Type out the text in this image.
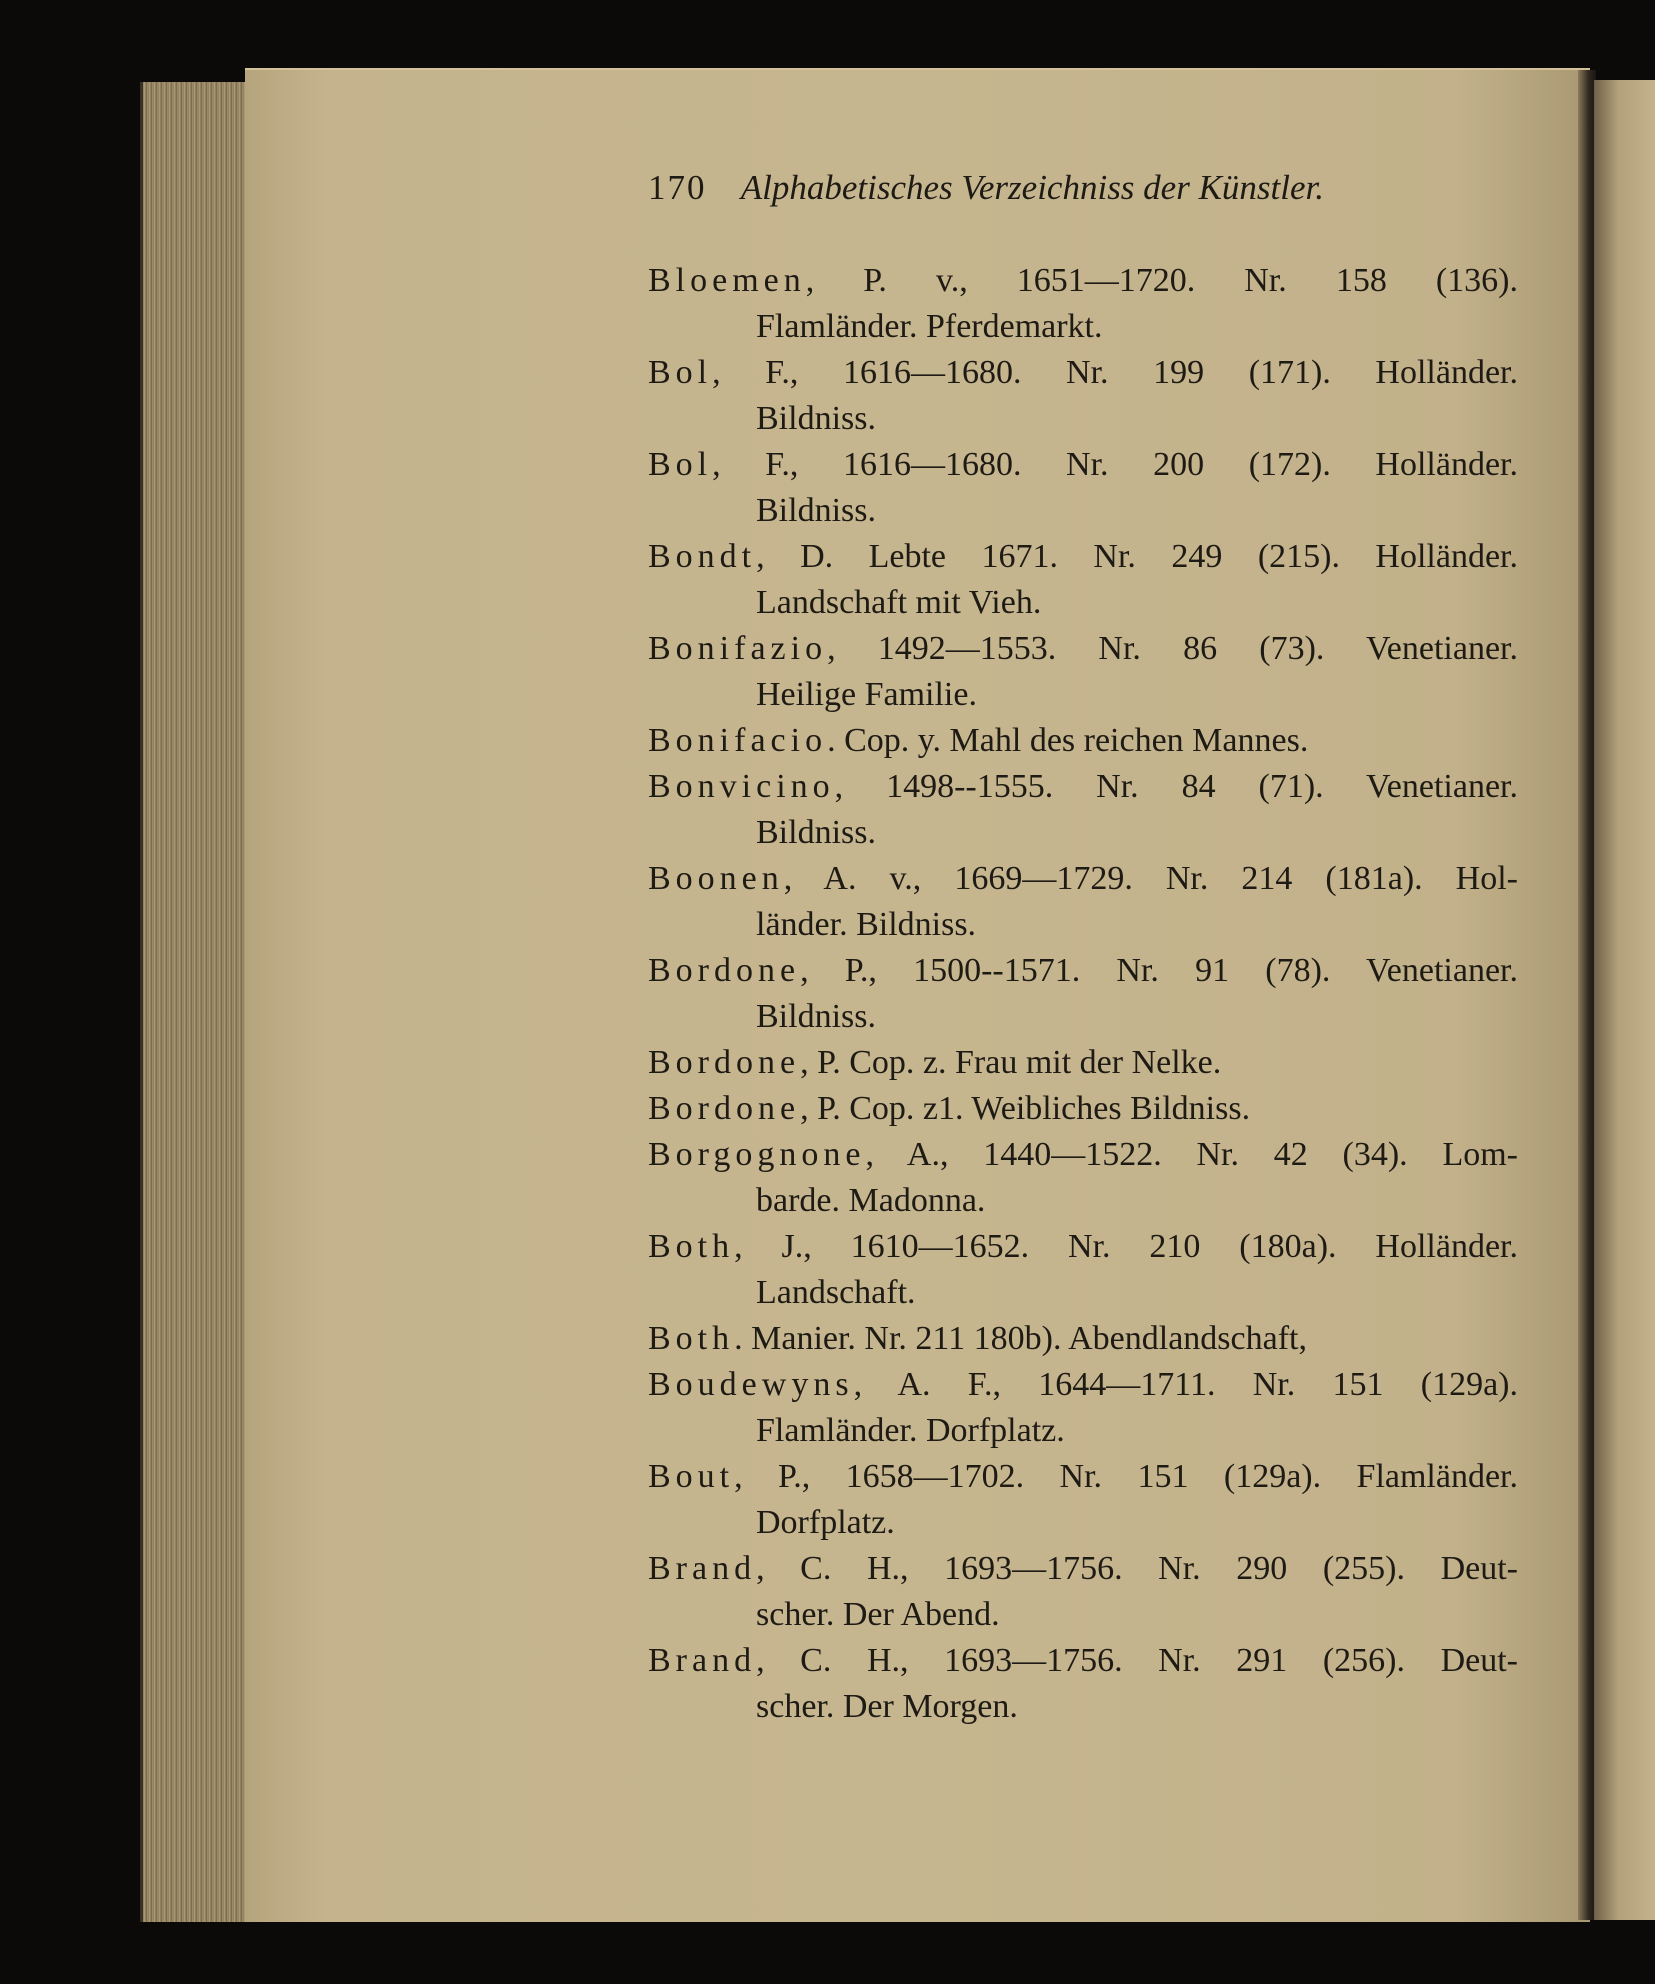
170 Alphabetisches Verzeichniss der Künstler.
Bloemen, P. v., 1651—1720. Nr. 158 (136).
Flamländer. Pferdemarkt.
Bol, F., 1616—1680. Nr. 199 (171). Holländer.
Bildniss.
Bol, F., 1616—1680. Nr. 200 (172). Holländer.
Bildniss.
Bondt, D. Lebte 1671. Nr. 249 (215). Holländer.
Landschaft mit Vieh.
Bonifazio, 1492—1553. Nr. 86 (73). Venetianer.
Heilige Familie.
Bonifacio. Cop. y. Mahl des reichen Mannes.
Bonvicino, 1498--1555. Nr. 84 (71). Venetianer.
Bildniss.
Boonen, A. v., 1669—1729. Nr. 214 (181a). Hol-
länder. Bildniss.
Bordone, P., 1500--1571. Nr. 91 (78). Venetianer.
Bildniss.
Bordone, P. Cop. z. Frau mit der Nelke.
Bordone, P. Cop. z1. Weibliches Bildniss.
Borgognone, A., 1440—1522. Nr. 42 (34). Lom-
barde. Madonna.
Both, J., 1610—1652. Nr. 210 (180a). Holländer.
Landschaft.
Both. Manier. Nr. 211 180b). Abendlandschaft,
Boudewyns, A. F., 1644—1711. Nr. 151 (129a).
Flamländer. Dorfplatz.
Bout, P., 1658—1702. Nr. 151 (129a). Flamländer.
Dorfplatz.
Brand, C. H., 1693—1756. Nr. 290 (255). Deut-
scher. Der Abend.
Brand, C. H., 1693—1756. Nr. 291 (256). Deut-
scher. Der Morgen.
